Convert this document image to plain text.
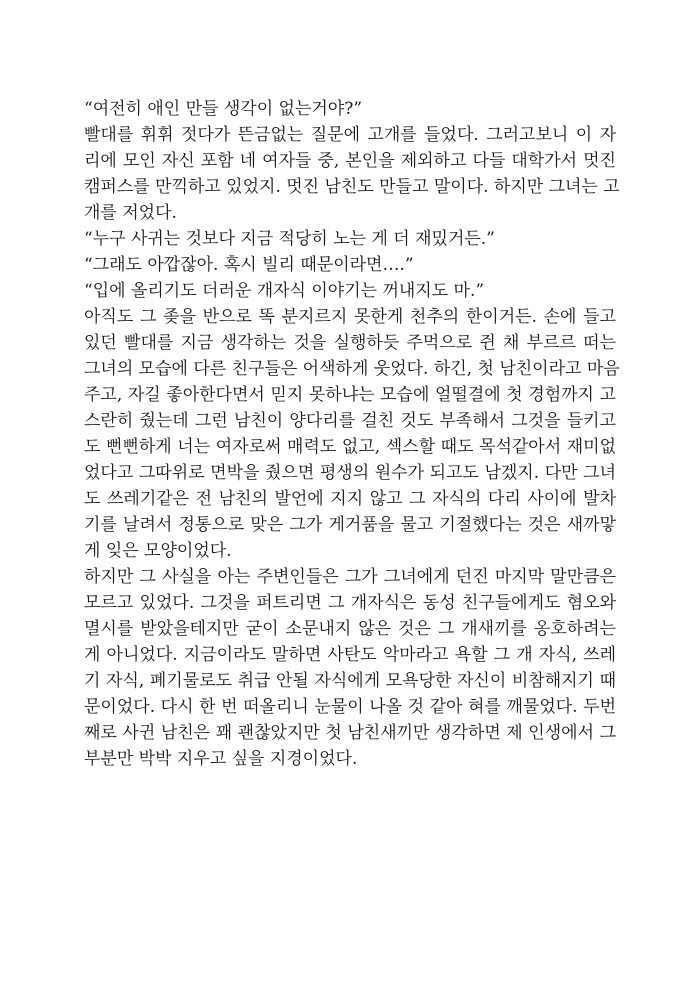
“여전히 애인 만들 생각이 없는거야?”
빨대를 휘휘 젓다가 뜬금없는 질문에 고개를 들었다. 그러고보니 이 자
리에 모인 자신 포함 네 여자들 중, 본인을 제외하고 다들 대학가서 멋진
캠퍼스를 만끽하고 있었지. 멋진 남친도 만들고 말이다. 하지만 그녀는 고
개를 저었다.
“누구 사귀는 것보다 지금 적당히 노는 게 더 재밌거든.”
“그래도 아깝잖아. 혹시 빌리 때문이라면….”
“입에 올리기도 더러운 개자식 이야기는 꺼내지도 마.”
아직도 그 좆을 반으로 똑 분지르지 못한게 천추의 한이거든. 손에 들고
있던 빨대를 지금 생각하는 것을 실행하듯 주먹으로 쥔 채 부르르 떠는
그녀의 모습에 다른 친구들은 어색하게 웃었다. 하긴, 첫 남친이라고 마음
주고, 자길 좋아한다면서 믿지 못하냐는 모습에 얼떨결에 첫 경험까지 고
스란히 줬는데 그런 남친이 양다리를 걸친 것도 부족해서 그것을 들키고
도 뻔뻔하게 너는 여자로써 매력도 없고, 섹스할 때도 목석같아서 재미없
었다고 그따위로 면박을 줬으면 평생의 원수가 되고도 남겠지. 다만 그녀
도 쓰레기같은 전 남친의 발언에 지지 않고 그 자식의 다리 사이에 발차
기를 날려서 정통으로 맞은 그가 게거품을 물고 기절했다는 것은 새까맣
게 잊은 모양이었다.
하지만 그 사실을 아는 주변인들은 그가 그녀에게 던진 마지막 말만큼은
모르고 있었다. 그것을 퍼트리면 그 개자식은 동성 친구들에게도 혐오와
멸시를 받았을테지만 굳이 소문내지 않은 것은 그 개새끼를 옹호하려는
게 아니었다. 지금이라도 말하면 사탄도 악마라고 욕할 그 개 자식, 쓰레
기 자식, 폐기물로도 취급 안될 자식에게 모욕당한 자신이 비참해지기 때
문이었다. 다시 한 번 떠올리니 눈물이 나올 것 같아 혀를 깨물었다. 두번
째로 사귄 남친은 꽤 괜찮았지만 첫 남친새끼만 생각하면 제 인생에서 그
부분만 박박 지우고 싶을 지경이었다.
